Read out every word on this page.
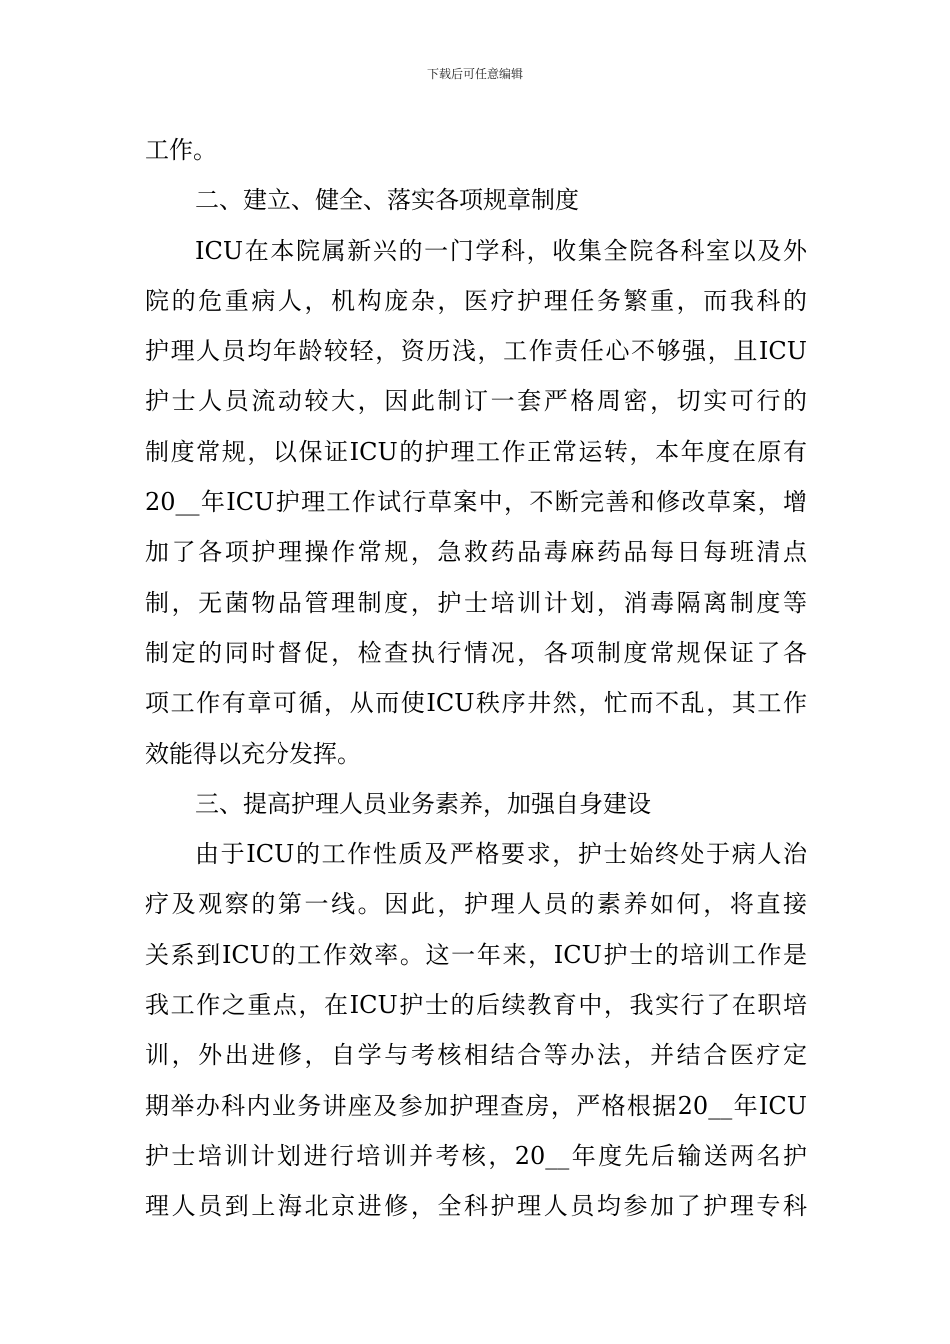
下载后可任意编辑
工作。
二、建立、健全、落实各项规章制度
ICU在本院属新兴的一门学科，收集全院各科室以及外
院的危重病人，机构庞杂，医疗护理任务繁重，而我科的
护理人员均年龄较轻，资历浅，工作责任心不够强，且ICU
护士人员流动较大，因此制订一套严格周密，切实可行的
制度常规，以保证ICU的护理工作正常运转，本年度在原有
20__年ICU护理工作试行草案中，不断完善和修改草案，增
加了各项护理操作常规，急救药品毒麻药品每日每班清点
制，无菌物品管理制度，护士培训计划，消毒隔离制度等
制定的同时督促，检查执行情况，各项制度常规保证了各
项工作有章可循，从而使ICU秩序井然，忙而不乱，其工作
效能得以充分发挥。
三、提高护理人员业务素养，加强自身建设
由于ICU的工作性质及严格要求，护士始终处于病人治
疗及观察的第一线。因此，护理人员的素养如何，将直接
关系到ICU的工作效率。这一年来，ICU护士的培训工作是
我工作之重点，在ICU护士的后续教育中，我实行了在职培
训，外出进修，自学与考核相结合等办法，并结合医疗定
期举办科内业务讲座及参加护理查房，严格根据20__年ICU
护士培训计划进行培训并考核，20__年度先后输送两名护
理人员到上海北京进修，全科护理人员均参加了护理专科
